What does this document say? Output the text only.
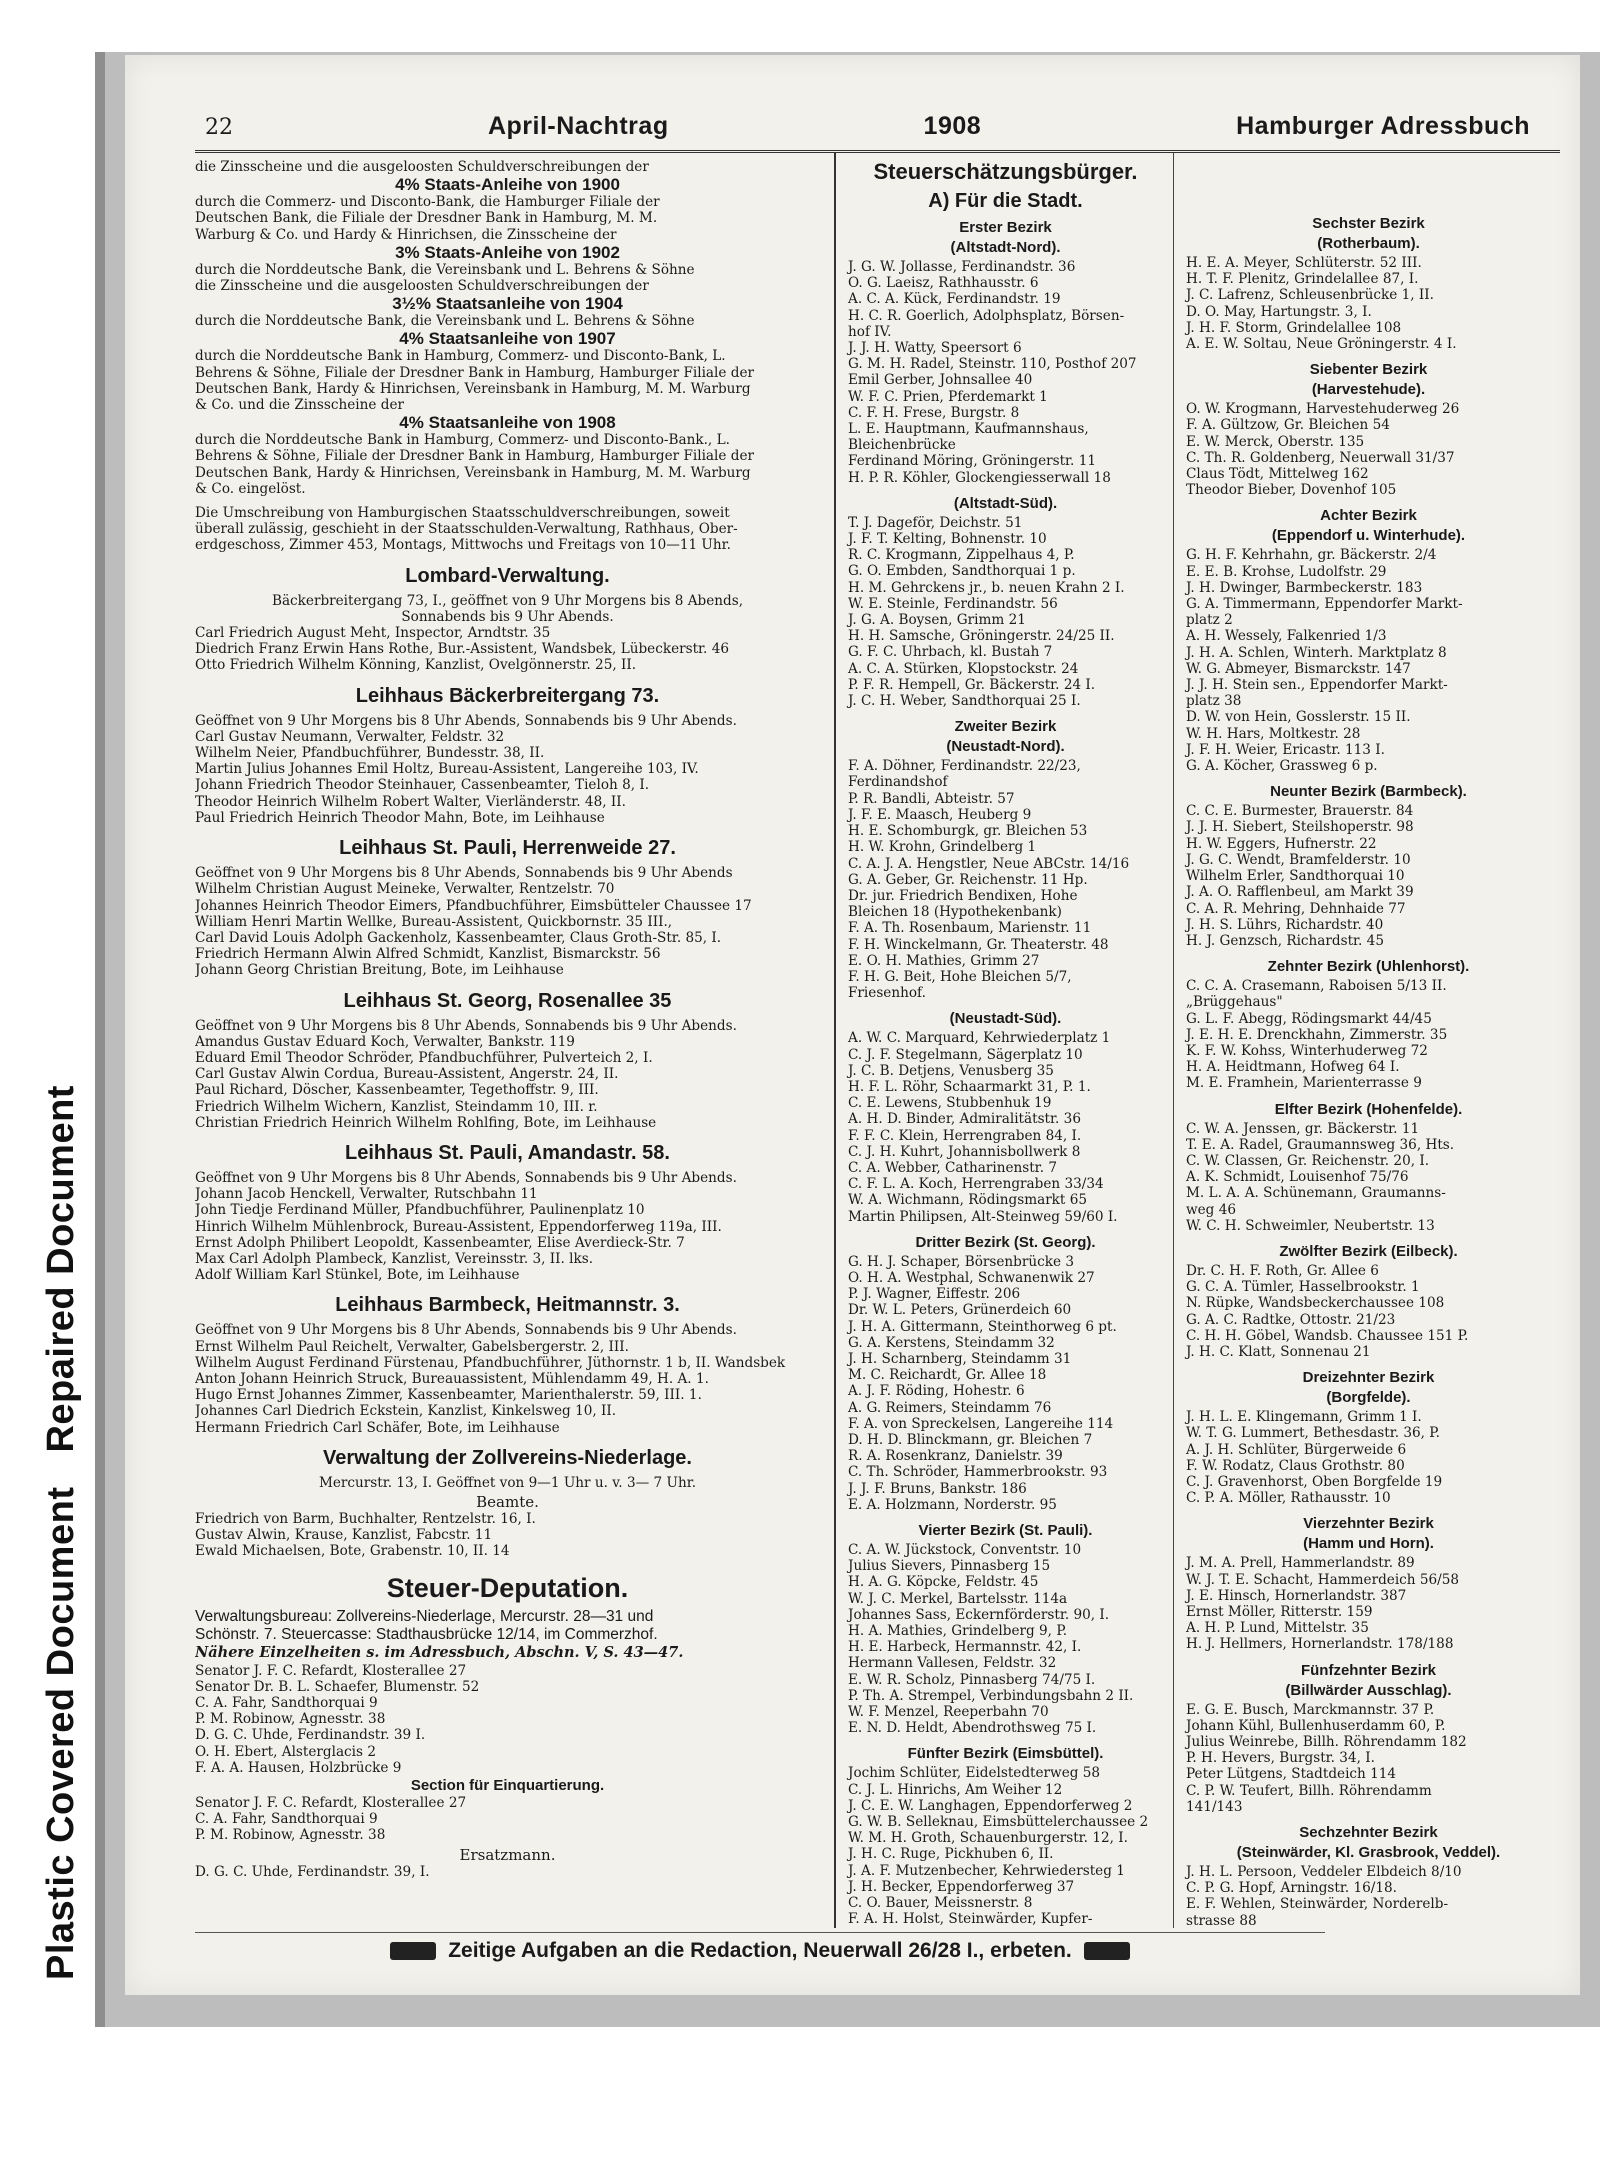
Plastic Covered DocumentRepaired Document
22	April-Nachtrag	1908	Hamburger Adressbuch

die Zinsscheine und die ausgeloosten Schuldverschreibungen der

4% Staats-Anleihe von 1900

durch die Commerz- und Disconto-Bank, die Hamburger Filiale der

Deutschen Bank, die Filiale der Dresdner Bank in Hamburg, M. M.

Warburg & Co. und Hardy & Hinrichsen, die Zinsscheine der

3% Staats-Anleihe von 1902

durch die Norddeutsche Bank, die Vereinsbank und L. Behrens & Söhne

die Zinsscheine und die ausgeloosten Schuldverschreibungen der

3½% Staatsanleihe von 1904

durch die Norddeutsche Bank, die Vereinsbank und L. Behrens & Söhne

4% Staatsanleihe von 1907

durch die Norddeutsche Bank in Hamburg, Commerz- und Disconto-Bank, L.

Behrens & Söhne, Filiale der Dresdner Bank in Hamburg, Hamburger Filiale der

Deutschen Bank, Hardy & Hinrichsen, Vereinsbank in Hamburg, M. M. Warburg

& Co. und die Zinsscheine der

4% Staatsanleihe von 1908

durch die Norddeutsche Bank in Hamburg, Commerz- und Disconto-Bank., L.

Behrens & Söhne, Filiale der Dresdner Bank in Hamburg, Hamburger Filiale der

Deutschen Bank, Hardy & Hinrichsen, Vereinsbank in Hamburg, M. M. Warburg

& Co. eingelöst.

Die Umschreibung von Hamburgischen Staatsschuldverschreibungen, soweit

überall zulässig, geschieht in der Staatsschulden-Verwaltung, Rathhaus, Ober-

erdgeschoss, Zimmer 453, Montags, Mittwochs und Freitags von 10—11 Uhr.

Lombard-Verwaltung.

Bäckerbreitergang 73, I., geöffnet von 9 Uhr Morgens bis 8 Abends,

Sonnabends bis 9 Uhr Abends.

Carl Friedrich August Meht, Inspector, Arndtstr. 35

Diedrich Franz Erwin Hans Rothe, Bur.-Assistent, Wandsbek, Lübeckerstr. 46

Otto Friedrich Wilhelm Könning, Kanzlist, Ovelgönnerstr. 25, II.

Leihhaus Bäckerbreitergang 73.

Geöffnet von 9 Uhr Morgens bis 8 Uhr Abends, Sonnabends bis 9 Uhr Abends.

Carl Gustav Neumann, Verwalter, Feldstr. 32

Wilhelm Neier, Pfandbuchführer, Bundesstr. 38, II.

Martin Julius Johannes Emil Holtz, Bureau-Assistent, Langereihe 103, IV.

Johann Friedrich Theodor Steinhauer, Cassenbeamter, Tieloh 8, I.

Theodor Heinrich Wilhelm Robert Walter, Vierländerstr. 48, II.

Paul Friedrich Heinrich Theodor Mahn, Bote, im Leihhause

Leihhaus St. Pauli, Herrenweide 27.

Geöffnet von 9 Uhr Morgens bis 8 Uhr Abends, Sonnabends bis 9 Uhr Abends

Wilhelm Christian August Meineke, Verwalter, Rentzelstr. 70

Johannes Heinrich Theodor Eimers, Pfandbuchführer, Eimsbütteler Chaussee 17

William Henri Martin Wellke, Bureau-Assistent, Quickbornstr. 35 III.,

Carl David Louis Adolph Gackenholz, Kassenbeamter, Claus Groth-Str. 85, I.

Friedrich Hermann Alwin Alfred Schmidt, Kanzlist, Bismarckstr. 56

Johann Georg Christian Breitung, Bote, im Leihhause

Leihhaus St. Georg, Rosenallee 35

Geöffnet von 9 Uhr Morgens bis 8 Uhr Abends, Sonnabends bis 9 Uhr Abends.

Amandus Gustav Eduard Koch, Verwalter, Bankstr. 119

Eduard Emil Theodor Schröder, Pfandbuchführer, Pulverteich 2, I.

Carl Gustav Alwin Cordua, Bureau-Assistent, Angerstr. 24, II.

Paul Richard, Döscher, Kassenbeamter, Tegethoffstr. 9, III.

Friedrich Wilhelm Wichern, Kanzlist, Steindamm 10, III. r.

Christian Friedrich Heinrich Wilhelm Rohlfing, Bote, im Leihhause

Leihhaus St. Pauli, Amandastr. 58.

Geöffnet von 9 Uhr Morgens bis 8 Uhr Abends, Sonnabends bis 9 Uhr Abends.

Johann Jacob Henckell, Verwalter, Rutschbahn 11

John Tiedje Ferdinand Müller, Pfandbuchführer, Paulinenplatz 10

Hinrich Wilhelm Mühlenbrock, Bureau-Assistent, Eppendorferweg 119a, III.

Ernst Adolph Philibert Leopoldt, Kassenbeamter, Elise Averdieck-Str. 7

Max Carl Adolph Plambeck, Kanzlist, Vereinsstr. 3, II. lks.

Adolf William Karl Stünkel, Bote, im Leihhause

Leihhaus Barmbeck, Heitmannstr. 3.

Geöffnet von 9 Uhr Morgens bis 8 Uhr Abends, Sonnabends bis 9 Uhr Abends.

Ernst Wilhelm Paul Reichelt, Verwalter, Gabelsbergerstr. 2, III.

Wilhelm August Ferdinand Fürstenau, Pfandbuchführer, Jüthornstr. 1 b, II. Wandsbek

Anton Johann Heinrich Struck, Bureauassistent, Mühlendamm 49, H. A. 1.

Hugo Ernst Johannes Zimmer, Kassenbeamter, Marienthalerstr. 59, III. 1.

Johannes Carl Diedrich Eckstein, Kanzlist, Kinkelsweg 10, II.

Hermann Friedrich Carl Schäfer, Bote, im Leihhause

Verwaltung der Zollvereins-Niederlage.

Mercurstr. 13, I. Geöffnet von 9—1 Uhr u. v. 3— 7 Uhr.

Beamte.

Friedrich von Barm, Buchhalter, Rentzelstr. 16, I.

Gustav Alwin, Krause, Kanzlist, Fabcstr. 11

Ewald Michaelsen, Bote, Grabenstr. 10, II. 14

Steuer-Deputation.

Verwaltungsbureau: Zollvereins-Niederlage, Mercurstr. 28—31 und

Schönstr. 7. Steuercasse: Stadthausbrücke 12/14, im Commerzhof.

Nähere Einzelheiten s. im Adressbuch, Abschn. V, S. 43—47.

Senator J. F. C. Refardt, Klosterallee 27

Senator Dr. B. L. Schaefer, Blumenstr. 52

C. A. Fahr, Sandthorquai 9

P. M. Robinow, Agnesstr. 38

D. G. C. Uhde, Ferdinandstr. 39 I.

O. H. Ebert, Alsterglacis 2

F. A. A. Hausen, Holzbrücke 9

Section für Einquartierung.

Senator J. F. C. Refardt, Klosterallee 27

C. A. Fahr, Sandthorquai 9

P. M. Robinow, Agnesstr. 38

Ersatzmann.

D. G. C. Uhde, Ferdinandstr. 39, I.

Steuerschätzungsbürger.

A) Für die Stadt.

Erster Bezirk

(Altstadt-Nord).

J. G. W. Jollasse, Ferdinandstr. 36

O. G. Laeisz, Rathhausstr. 6

A. C. A. Kück, Ferdinandstr. 19

H. C. R. Goerlich, Adolphsplatz, Börsen-

hof IV.

J. J. H. Watty, Speersort 6

G. M. H. Radel, Steinstr. 110, Posthof 207

Emil Gerber, Johnsallee 40

W. F. C. Prien, Pferdemarkt 1

C. F. H. Frese, Burgstr. 8

L. E. Hauptmann, Kaufmannshaus,

Bleichenbrücke

Ferdinand Möring, Gröningerstr. 11

H. P. R. Köhler, Glockengiesserwall 18

(Altstadt-Süd).

T. J. Dageför, Deichstr. 51

J. F. T. Kelting, Bohnenstr. 10

R. C. Krogmann, Zippelhaus 4, P.

G. O. Embden, Sandthorquai 1 p.

H. M. Gehrckens jr., b. neuen Krahn 2 I.

W. E. Steinle, Ferdinandstr. 56

J. G. A. Boysen, Grimm 21

H. H. Samsche, Gröningerstr. 24/25 II.

G. F. C. Uhrbach, kl. Bustah 7

A. C. A. Stürken, Klopstockstr. 24

P. F. R. Hempell, Gr. Bäckerstr. 24 I.

J. C. H. Weber, Sandthorquai 25 I.

Zweiter Bezirk

(Neustadt-Nord).

F. A. Döhner, Ferdinandstr. 22/23,

Ferdinandshof

P. R. Bandli, Abteistr. 57

J. F. E. Maasch, Heuberg 9

H. E. Schomburgk, gr. Bleichen 53

H. W. Krohn, Grindelberg 1

C. A. J. A. Hengstler, Neue ABCstr. 14/16

G. A. Geber, Gr. Reichenstr. 11 Hp.

Dr. jur. Friedrich Bendixen, Hohe

Bleichen 18 (Hypothekenbank)

F. A. Th. Rosenbaum, Marienstr. 11

F. H. Winckelmann, Gr. Theaterstr. 48

E. O. H. Mathies, Grimm 27

F. H. G. Beit, Hohe Bleichen 5/7,

Friesenhof.

(Neustadt-Süd).

A. W. C. Marquard, Kehrwiederplatz 1

C. J. F. Stegelmann, Sägerplatz 10

J. C. B. Detjens, Venusberg 35

H. F. L. Röhr, Schaarmarkt 31, P. 1.

C. E. Lewens, Stubbenhuk 19

A. H. D. Binder, Admiralitätstr. 36

F. F. C. Klein, Herrengraben 84, I.

C. J. H. Kuhrt, Johannisbollwerk 8

C. A. Webber, Catharinenstr. 7

C. F. L. A. Koch, Herrengraben 33/34

W. A. Wichmann, Rödingsmarkt 65

Martin Philipsen, Alt-Steinweg 59/60 I.

Dritter Bezirk (St. Georg).

G. H. J. Schaper, Börsenbrücke 3

O. H. A. Westphal, Schwanenwik 27

P. J. Wagner, Eiffestr. 206

Dr. W. L. Peters, Grünerdeich 60

J. H. A. Gittermann, Steinthorweg 6 pt.

G. A. Kerstens, Steindamm 32

J. H. Scharnberg, Steindamm 31

M. C. Reichardt, Gr. Allee 18

A. J. F. Röding, Hohestr. 6

A. G. Reimers, Steindamm 76

F. A. von Spreckelsen, Langereihe 114

D. H. D. Blinckmann, gr. Bleichen 7

R. A. Rosenkranz, Danielstr. 39

C. Th. Schröder, Hammerbrookstr. 93

J. J. F. Bruns, Bankstr. 186

E. A. Holzmann, Norderstr. 95

Vierter Bezirk (St. Pauli).

C. A. W. Jückstock, Conventstr. 10

Julius Sievers, Pinnasberg 15

H. A. G. Köpcke, Feldstr. 45

W. J. C. Merkel, Bartelsstr. 114a

Johannes Sass, Eckernförderstr. 90, I.

H. A. Mathies, Grindelberg 9, P.

H. E. Harbeck, Hermannstr. 42, I.

Hermann Vallesen, Feldstr. 32

E. W. R. Scholz, Pinnasberg 74/75 I.

P. Th. A. Strempel, Verbindungsbahn 2 II.

W. F. Menzel, Reeperbahn 70

E. N. D. Heldt, Abendrothsweg 75 I.

Fünfter Bezirk (Eimsbüttel).

Jochim Schlüter, Eidelstedterweg 58

C. J. L. Hinrichs, Am Weiher 12

J. C. E. W. Langhagen, Eppendorferweg 2

G. W. B. Selleknau, Eimsbüttelerchaussee 2

W. M. H. Groth, Schauenburgerstr. 12, I.

J. H. C. Ruge, Pickhuben 6, II.

J. A. F. Mutzenbecher, Kehrwiedersteg 1

J. H. Becker, Eppendorferweg 37

C. O. Bauer, Meissnerstr. 8

F. A. H. Holst, Steinwärder, Kupfer-

Sechster Bezirk

(Rotherbaum).

H. E. A. Meyer, Schlüterstr. 52 III.

H. T. F. Plenitz, Grindelallee 87, I.

J. C. Lafrenz, Schleusenbrücke 1, II.

D. O. May, Hartungstr. 3, I.

J. H. F. Storm, Grindelallee 108

A. E. W. Soltau, Neue Gröningerstr. 4 I.

Siebenter Bezirk

(Harvestehude).

O. W. Krogmann, Harvestehuderweg 26

F. A. Gültzow, Gr. Bleichen 54

E. W. Merck, Oberstr. 135

C. Th. R. Goldenberg, Neuerwall 31/37

Claus Tödt, Mittelweg 162

Theodor Bieber, Dovenhof 105

Achter Bezirk

(Eppendorf u. Winterhude).

G. H. F. Kehrhahn, gr. Bäckerstr. 2/4

E. E. B. Krohse, Ludolfstr. 29

J. H. Dwinger, Barmbeckerstr. 183

G. A. Timmermann, Eppendorfer Markt-

platz 2

A. H. Wessely, Falkenried 1/3

J. H. A. Schlen, Winterh. Marktplatz 8

W. G. Abmeyer, Bismarckstr. 147

J. J. H. Stein sen., Eppendorfer Markt-

platz 38

D. W. von Hein, Gosslerstr. 15 II.

W. H. Hars, Moltkestr. 28

J. F. H. Weier, Ericastr. 113 I.

G. A. Köcher, Grassweg 6 p.

Neunter Bezirk (Barmbeck).

C. C. E. Burmester, Brauerstr. 84

J. J. H. Siebert, Steilshoperstr. 98

H. W. Eggers, Hufnerstr. 22

J. G. C. Wendt, Bramfelderstr. 10

Wilhelm Erler, Sandthorquai 10

J. A. O. Rafflenbeul, am Markt 39

C. A. R. Mehring, Dehnhaide 77

J. H. S. Lührs, Richardstr. 40

H. J. Genzsch, Richardstr. 45

Zehnter Bezirk (Uhlenhorst).

C. C. A. Crasemann, Raboisen 5/13 II.

„Brüggehaus"

G. L. F. Abegg, Rödingsmarkt 44/45

J. E. H. E. Drenckhahn, Zimmerstr. 35

K. F. W. Kohss, Winterhuderweg 72

H. A. Heidtmann, Hofweg 64 I.

M. E. Framhein, Marienterrasse 9

Elfter Bezirk (Hohenfelde).

C. W. A. Jenssen, gr. Bäckerstr. 11

T. E. A. Radel, Graumannsweg 36, Hts.

C. W. Classen, Gr. Reichenstr. 20, I.

A. K. Schmidt, Louisenhof 75/76

M. L. A. A. Schünemann, Graumanns-

weg 46

W. C. H. Schweimler, Neubertstr. 13

Zwölfter Bezirk (Eilbeck).

Dr. C. H. F. Roth, Gr. Allee 6

G. C. A. Tümler, Hasselbrookstr. 1

N. Rüpke, Wandsbeckerchaussee 108

G. A. C. Radtke, Ottostr. 21/23

C. H. H. Göbel, Wandsb. Chaussee 151 P.

J. H. C. Klatt, Sonnenau 21

Dreizehnter Bezirk

(Borgfelde).

J. H. L. E. Klingemann, Grimm 1 I.

W. T. G. Lummert, Bethesdastr. 36, P.

A. J. H. Schlüter, Bürgerweide 6

F. W. Rodatz, Claus Grothstr. 80

C. J. Gravenhorst, Oben Borgfelde 19

C. P. A. Möller, Rathausstr. 10

Vierzehnter Bezirk

(Hamm und Horn).

J. M. A. Prell, Hammerlandstr. 89

W. J. T. E. Schacht, Hammerdeich 56/58

J. E. Hinsch, Hornerlandstr. 387

Ernst Möller, Ritterstr. 159

A. H. P. Lund, Mittelstr. 35

H. J. Hellmers, Hornerlandstr. 178/188

Fünfzehnter Bezirk

(Billwärder Ausschlag).

E. G. E. Busch, Marckmannstr. 37 P.

Johann Kühl, Bullenhuserdamm 60, P.

Julius Weinrebe, Billh. Röhrendamm 182

P. H. Hevers, Burgstr. 34, I.

Peter Lütgens, Stadtdeich 114

C. P. W. Teufert, Billh. Röhrendamm

141/143

Sechzehnter Bezirk

(Steinwärder, Kl. Grasbrook, Veddel).

J. H. L. Persoon, Veddeler Elbdeich 8/10

C. P. G. Hopf, Arningstr. 16/18.

E. F. Wehlen, Steinwärder, Norderelb-

strasse 88

Zeitige Aufgaben an die Redaction, Neuerwall 26/28 I., erbeten.
